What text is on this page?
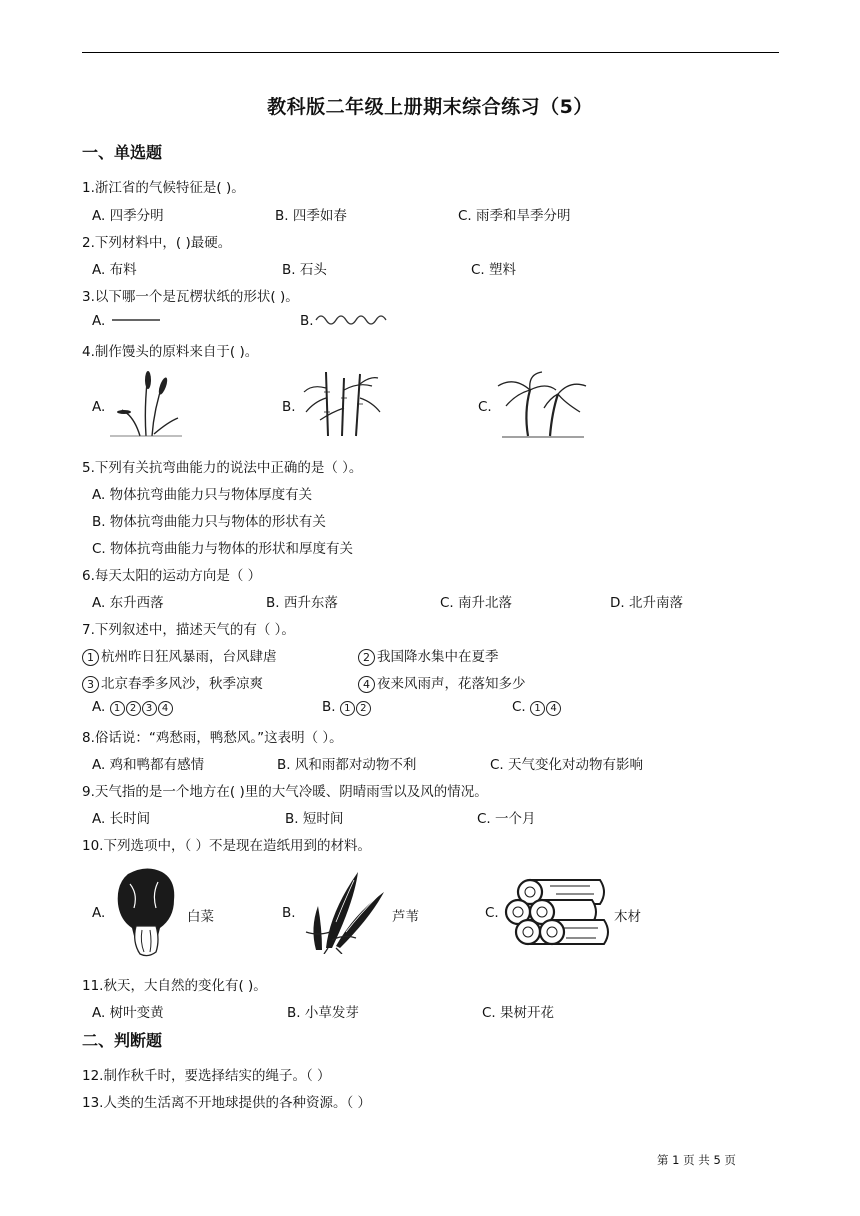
教科版二年级上册期末综合练习（5）
一、单选题
1.浙江省的气候特征是( )。
A. 四季分明	B. 四季如春	C. 雨季和旱季分明
2.下列材料中，( )最硬。
A. 布料	B. 石头	C. 塑料
3.以下哪一个是瓦楞状纸的形状( )。
A.	B.
4.制作馒头的原料来自于( )。
A.	B.	C.
5.下列有关抗弯曲能力的说法中正确的是（ ）。
A. 物体抗弯曲能力只与物体厚度有关
B. 物体抗弯曲能力只与物体的形状有关
C. 物体抗弯曲能力与物体的形状和厚度有关
6.每天太阳的运动方向是（ ）
A. 东升西落	B. 西升东落	C. 南升北落	D. 北升南落
7.下列叙述中，描述天气的有（ ）。
1 杭州昨日狂风暴雨，台风肆虐	2 我国降水集中在夏季
3 北京春季多风沙，秋季凉爽	4 夜来风雨声，花落知多少
A. 1 2 3 4	B. 1 2	C. 1 4
8.俗话说：“鸡愁雨，鸭愁风。”这表明（ ）。
A. 鸡和鸭都有感情	B. 风和雨都对动物不利	C. 天气变化对动物有影响
9.天气指的是一个地方在( )里的大气冷暖、阴晴雨雪以及风的情况。
A. 长时间	B. 短时间	C. 一个月
10.下列选项中，（ ）不是现在造纸用到的材料。
A.	白菜	B.	芦苇	C.	木材
11.秋天，大自然的变化有( )。
A. 树叶变黄	B. 小草发芽	C. 果树开花
二、判断题
12.制作秋千时，要选择结实的绳子。（ ）
13.人类的生活离不开地球提供的各种资源。（ ）
第 1 页 共 5 页
